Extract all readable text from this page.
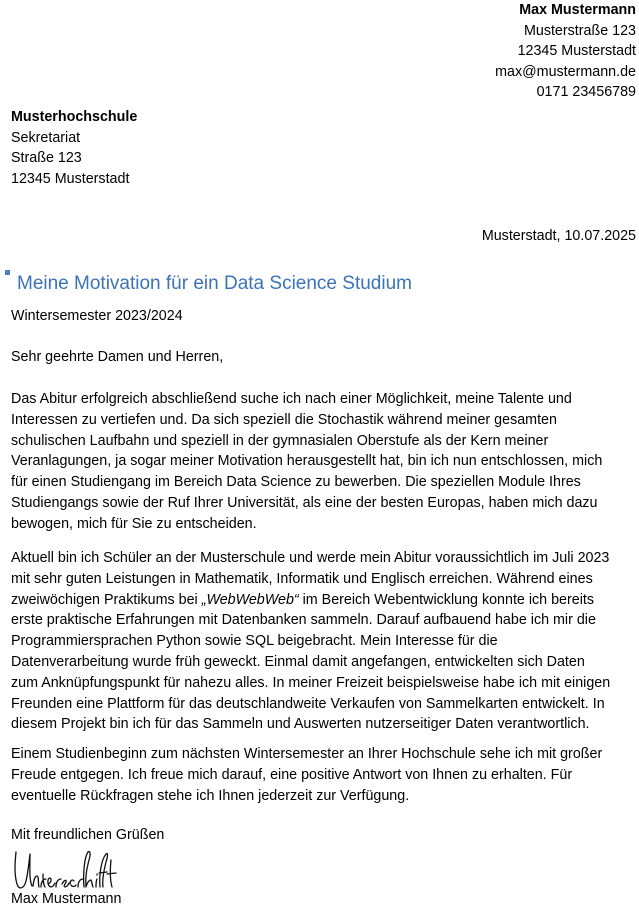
Max Mustermann
Musterstraße 123
12345 Musterstadt
max@mustermann.de
0171 23456789
Musterhochschule
Sekretariat
Straße 123
12345 Musterstadt
Musterstadt, 10.07.2025
Meine Motivation für ein Data Science Studium
Wintersemester 2023/2024
Sehr geehrte Damen und Herren,
Das Abitur erfolgreich abschließend suche ich nach einer Möglichkeit, meine Talente und
Interessen zu vertiefen und. Da sich speziell die Stochastik während meiner gesamten
schulischen Laufbahn und speziell in der gymnasialen Oberstufe als der Kern meiner
Veranlagungen, ja sogar meiner Motivation herausgestellt hat, bin ich nun entschlossen, mich
für einen Studiengang im Bereich Data Science zu bewerben. Die speziellen Module Ihres
Studiengangs sowie der Ruf Ihrer Universität, als eine der besten Europas, haben mich dazu
bewogen, mich für Sie zu entscheiden.
Aktuell bin ich Schüler an der Musterschule und werde mein Abitur voraussichtlich im Juli 2023
mit sehr guten Leistungen in Mathematik, Informatik und Englisch erreichen. Während eines
zweiwöchigen Praktikums bei „WebWebWeb“ im Bereich Webentwicklung konnte ich bereits
erste praktische Erfahrungen mit Datenbanken sammeln. Darauf aufbauend habe ich mir die
Programmiersprachen Python sowie SQL beigebracht. Mein Interesse für die
Datenverarbeitung wurde früh geweckt. Einmal damit angefangen, entwickelten sich Daten
zum Anknüpfungspunkt für nahezu alles. In meiner Freizeit beispielsweise habe ich mit einigen
Freunden eine Plattform für das deutschlandweite Verkaufen von Sammelkarten entwickelt. In
diesem Projekt bin ich für das Sammeln und Auswerten nutzerseitiger Daten verantwortlich.
Einem Studienbeginn zum nächsten Wintersemester an Ihrer Hochschule sehe ich mit großer
Freude entgegen. Ich freue mich darauf, eine positive Antwort von Ihnen zu erhalten. Für
eventuelle Rückfragen stehe ich Ihnen jederzeit zur Verfügung.
Mit freundlichen Grüßen
Max Mustermann
